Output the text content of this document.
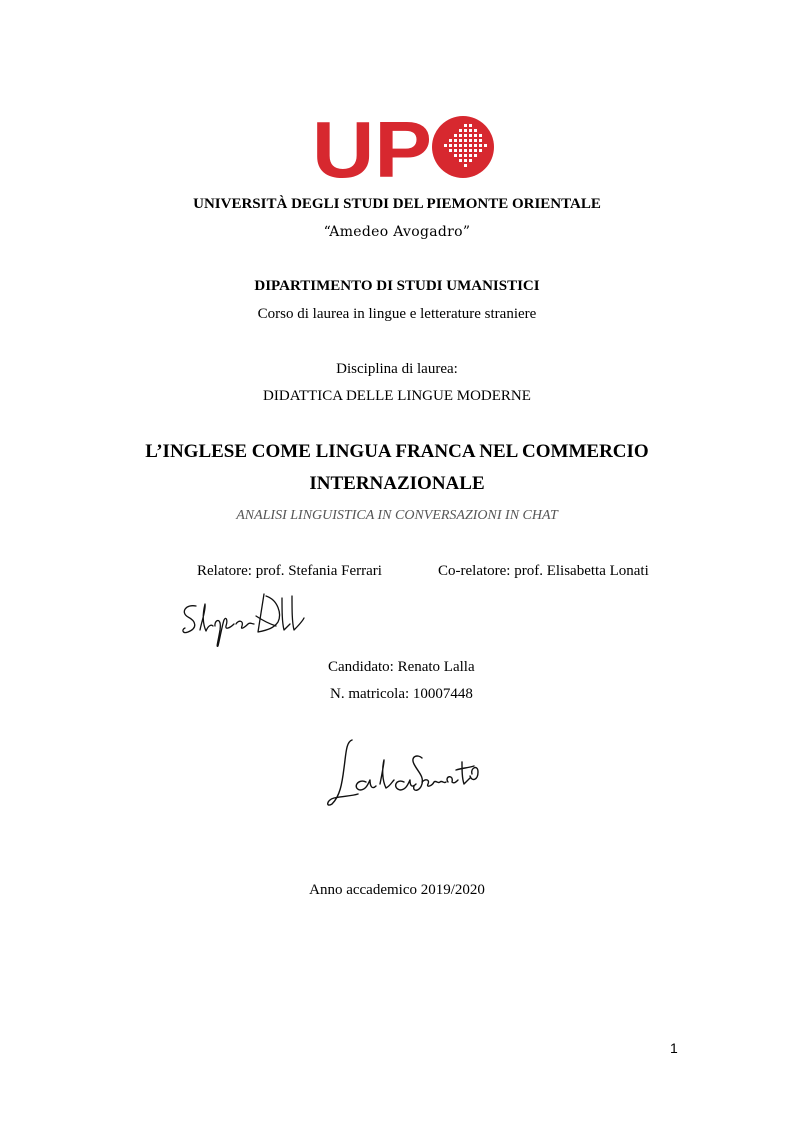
UP
UNIVERSITÀ DEGLI STUDI DEL PIEMONTE ORIENTALE
“Amedeo Avogadro”
DIPARTIMENTO DI STUDI UMANISTICI
Corso di laurea in lingue e letterature straniere
Disciplina di laurea:
DIDATTICA DELLE LINGUE MODERNE
L’INGLESE COME LINGUA FRANCA NEL COMMERCIO
INTERNAZIONALE
ANALISI LINGUISTICA IN CONVERSAZIONI IN CHAT
Relatore: prof. Stefania Ferrari	Co-relatore: prof. Elisabetta Lonati
Candidato: Renato Lalla
N. matricola: 10007448
Anno accademico 2019/2020
1
